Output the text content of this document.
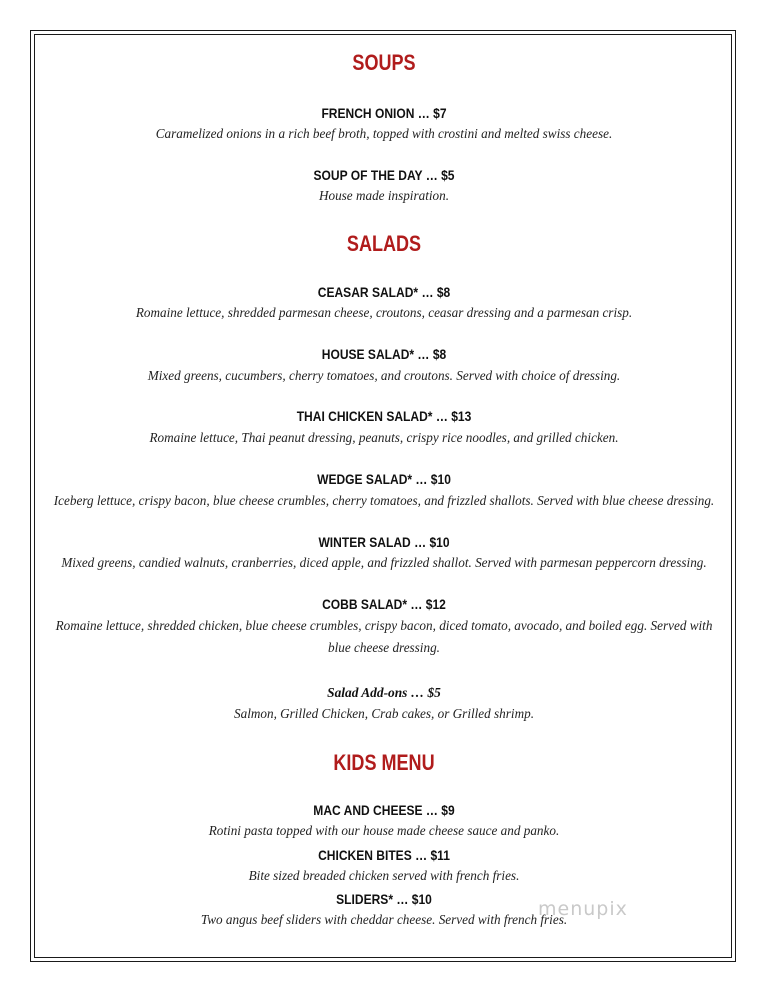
SOUPS
FRENCH ONION … $7
Caramelized onions in a rich beef broth, topped with crostini and melted swiss cheese.
SOUP OF THE DAY … $5
House made inspiration.
SALADS
CEASAR SALAD* … $8
Romaine lettuce, shredded parmesan cheese, croutons, ceasar dressing and a parmesan crisp.
HOUSE SALAD* … $8
Mixed greens, cucumbers, cherry tomatoes, and croutons. Served with choice of dressing.
THAI CHICKEN SALAD* … $13
Romaine lettuce, Thai peanut dressing, peanuts, crispy rice noodles, and grilled chicken.
WEDGE SALAD* … $10
Iceberg lettuce, crispy bacon, blue cheese crumbles, cherry tomatoes, and frizzled shallots. Served with blue cheese dressing.
WINTER SALAD … $10
Mixed greens, candied walnuts, cranberries, diced apple, and frizzled shallot. Served with parmesan peppercorn dressing.
COBB SALAD* … $12
Romaine lettuce, shredded chicken, blue cheese crumbles, crispy bacon, diced tomato, avocado, and boiled egg. Served with
blue cheese dressing.
Salad Add-ons … $5
Salmon, Grilled Chicken, Crab cakes, or Grilled shrimp.
KIDS MENU
MAC AND CHEESE … $9
Rotini pasta topped with our house made cheese sauce and panko.
CHICKEN BITES … $11
Bite sized breaded chicken served with french fries.
SLIDERS* … $10
Two angus beef sliders with cheddar cheese. Served with french fries.
menupix
